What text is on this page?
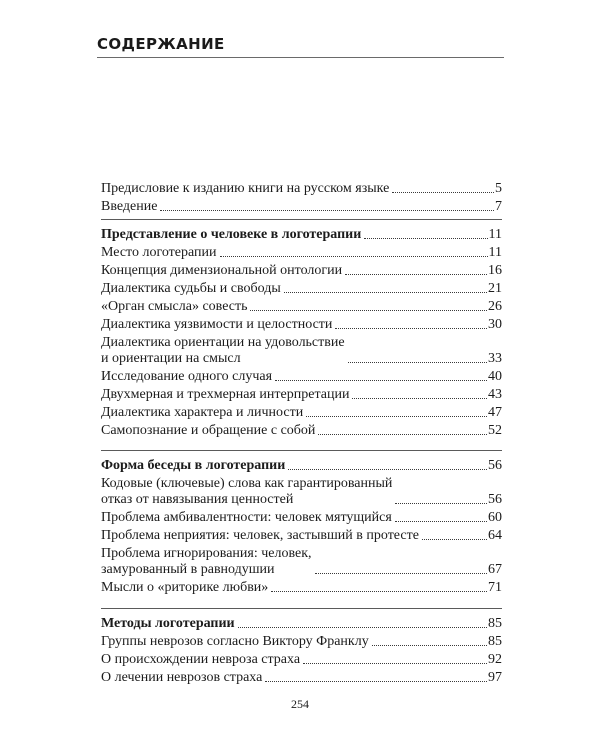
СОДЕРЖАНИЕ
Предисловие к изданию книги на русском языке	5
Введение	7
Представление о человеке в логотерапии	11
Место логотерапии	11
Концепция димензиональной онтологии	16
Диалектика судьбы и свободы	21
«Орган смысла» совесть	26
Диалектика уязвимости и целостности	30
Диалектика ориентации на удовольствие
и ориентации на смысл	33
Исследование одного случая	40
Двухмерная и трехмерная интерпретации	43
Диалектика характера и личности	47
Самопознание и обращение с собой	52
Форма беседы в логотерапии	56
Кодовые (ключевые) слова как гарантированный
отказ от навязывания ценностей	56
Проблема амбивалентности: человек мятущийся	60
Проблема неприятия: человек, застывший в протесте	64
Проблема игнорирования: человек,
замурованный в равнодушии	67
Мысли о «риторике любви»	71
Методы логотерапии	85
Группы неврозов согласно Виктору Франклу	85
О происхождении невроза страха	92
О лечении неврозов страха	97
254
